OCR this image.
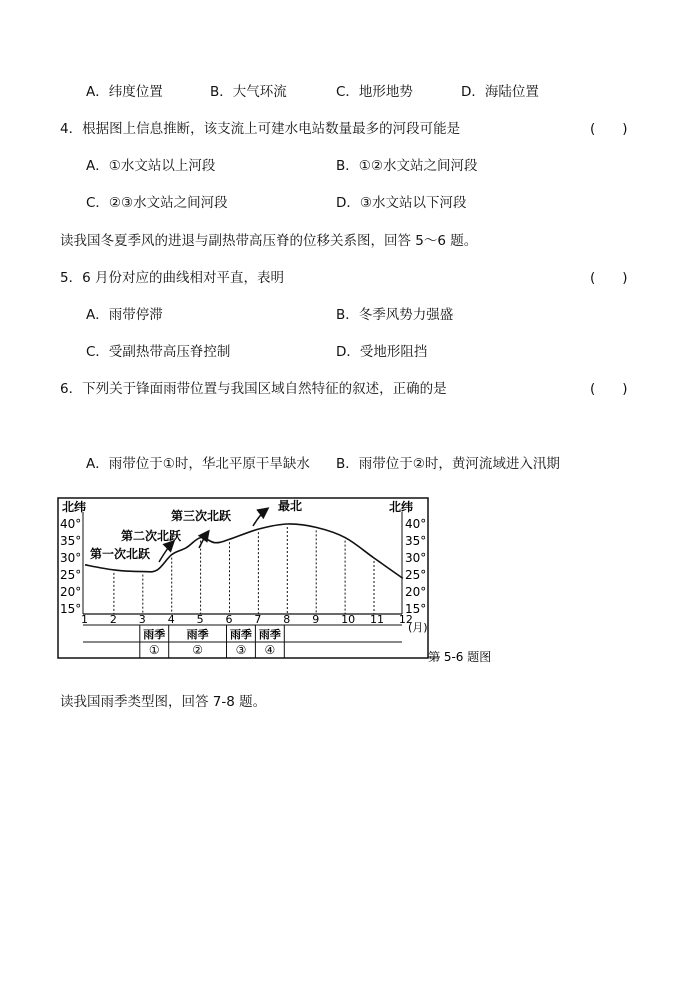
A．纬度位置	B．大气环流	C．地形地势	D．海陆位置
4．根据图上信息推断，该支流上可建水电站数量最多的河段可能是	(　　)
A．①水文站以上河段	B．①②水文站之间河段
C．②③水文站之间河段	D．③水文站以下河段
读我国冬夏季风的进退与副热带高压脊的位移关系图，回答 5～6 题。
5．6 月份对应的曲线相对平直，表明	(　　)
A．雨带停滞	B．冬季风势力强盛
C．受副热带高压脊控制	D．受地形阻挡
6．下列关于锋面雨带位置与我国区域自然特征的叙述，正确的是	(　　)
A．雨带位于①时，华北平原干旱缺水 B．雨带位于②时，黄河流域进入汛期
北纬	北纬
40°
35°
30°
25°
20°
15°
40°
35°
30°
25°
20°
15°
1 2 3 4 5 6 7 8 9 10 11 12
(月)
第一次北跃
第二次北跃
第三次北跃
最北
雨季
①
雨季
②
雨季
③
雨季
④	第 5-6 题图
读我国雨季类型图，回答 7-8 题。
